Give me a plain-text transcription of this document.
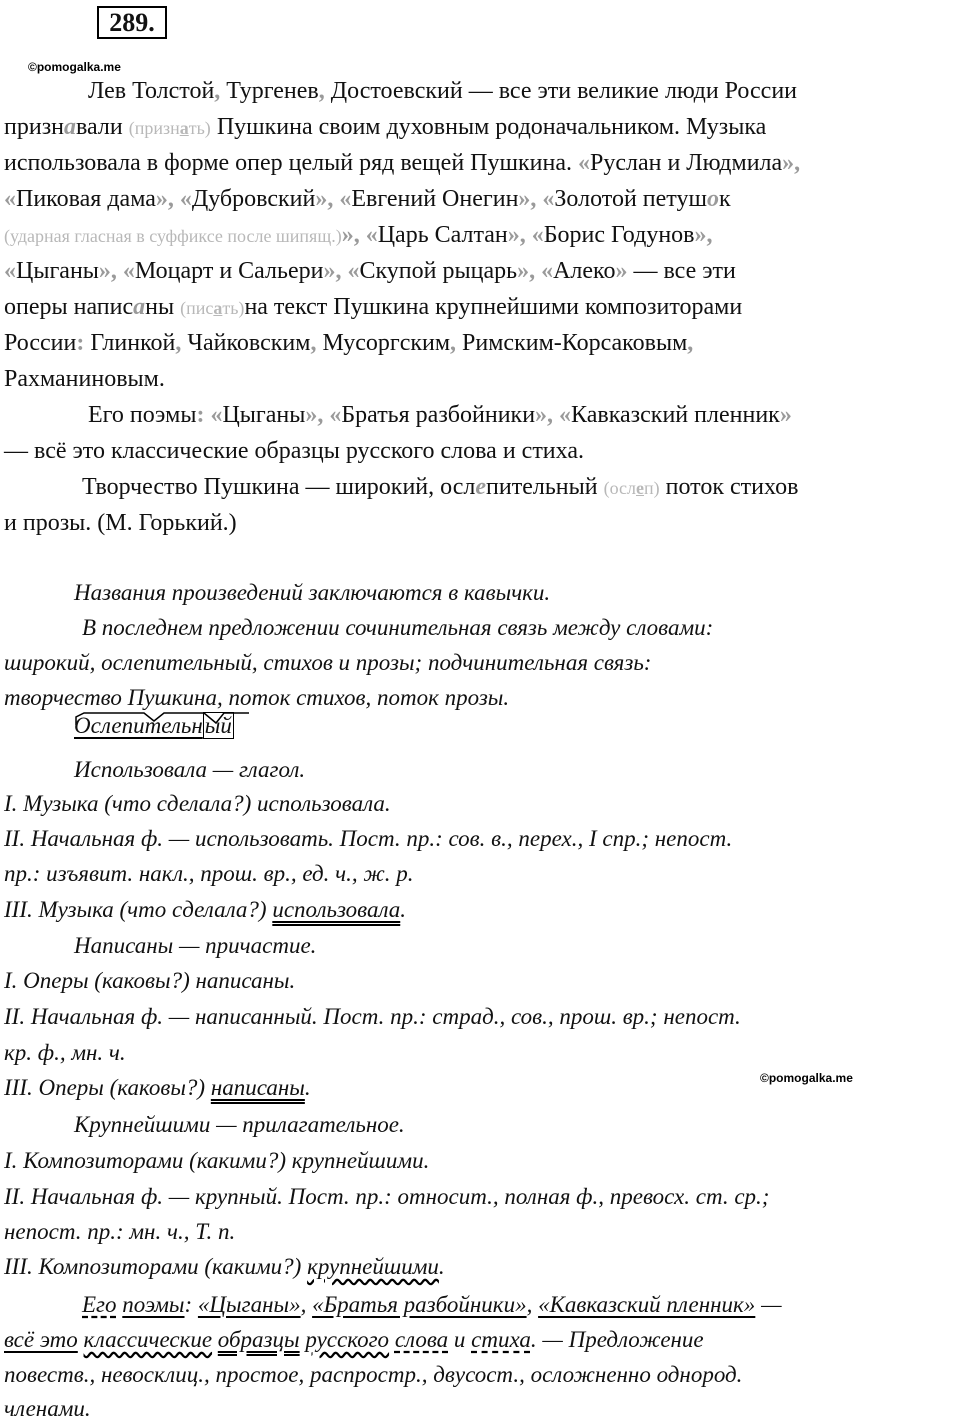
289.
©pomogalka.me
Лев Толстой, Тургенев, Достоевский — все эти великие люди России
признавали (признать) Пушкина своим духовным родоначальником. Музыка
использовала в форме опер целый ряд вещей Пушкина. «Руслан и Людмила»,
«Пиковая дама», «Дубровский», «Евгений Онегин», «Золотой петушок
(ударная гласная в суффиксе после шипящ.)», «Царь Салтан», «Борис Годунов»,
«Цыганы», «Моцарт и Сальери», «Скупой рыцарь», «Алеко» — все эти
оперы написаны (писать)на текст Пушкина крупнейшими композиторами
России: Глинкой, Чайковским, Мусоргским, Римским-Корсаковым,
Рахманиновым.
Его поэмы: «Цыганы», «Братья разбойники», «Кавказский пленник»
— всё это классические образцы русского слова и стиха.
Творчество Пушкина — широкий, ослепительный (ослеп) поток стихов
и прозы. (М. Горький.)
Названия произведений заключаются в кавычки.
В последнем предложении сочинительная связь между словами:
широкий, ослепительный, стихов и прозы; подчинительная связь:
творчество Пушкина, поток стихов, поток прозы.
Ослепительный
Использовала — глагол.
I. Музыка (что сделала?) использовала.
II. Начальная ф. — использовать. Пост. пр.: сов. в., перех., I спр.; непост.
пр.: изъявит. накл., прош. вр., ед. ч., ж. р.
III. Музыка (что сделала?) использовала.
Написаны — причастие.
I. Оперы (каковы?) написаны.
II. Начальная ф. — написанный. Пост. пр.: страд., сов., прош. вр.; непост.
кр. ф., мн. ч.
III. Оперы (каковы?) написаны.	©pomogalka.me
Крупнейшими — прилагательное.
I. Композиторами (какими?) крупнейшими.
II. Начальная ф. — крупный. Пост. пр.: относит., полная ф., превосх. ст. ср.;
непост. пр.: мн. ч., Т. п.
III. Композиторами (какими?) крупнейшими.
Его поэмы: «Цыганы», «Братья разбойники», «Кавказский пленник» —
всё это классические образцы русского слова и стиха. — Предложение
повеств., невосклиц., простое, распростр., двусост., осложненно однород.
членами.
